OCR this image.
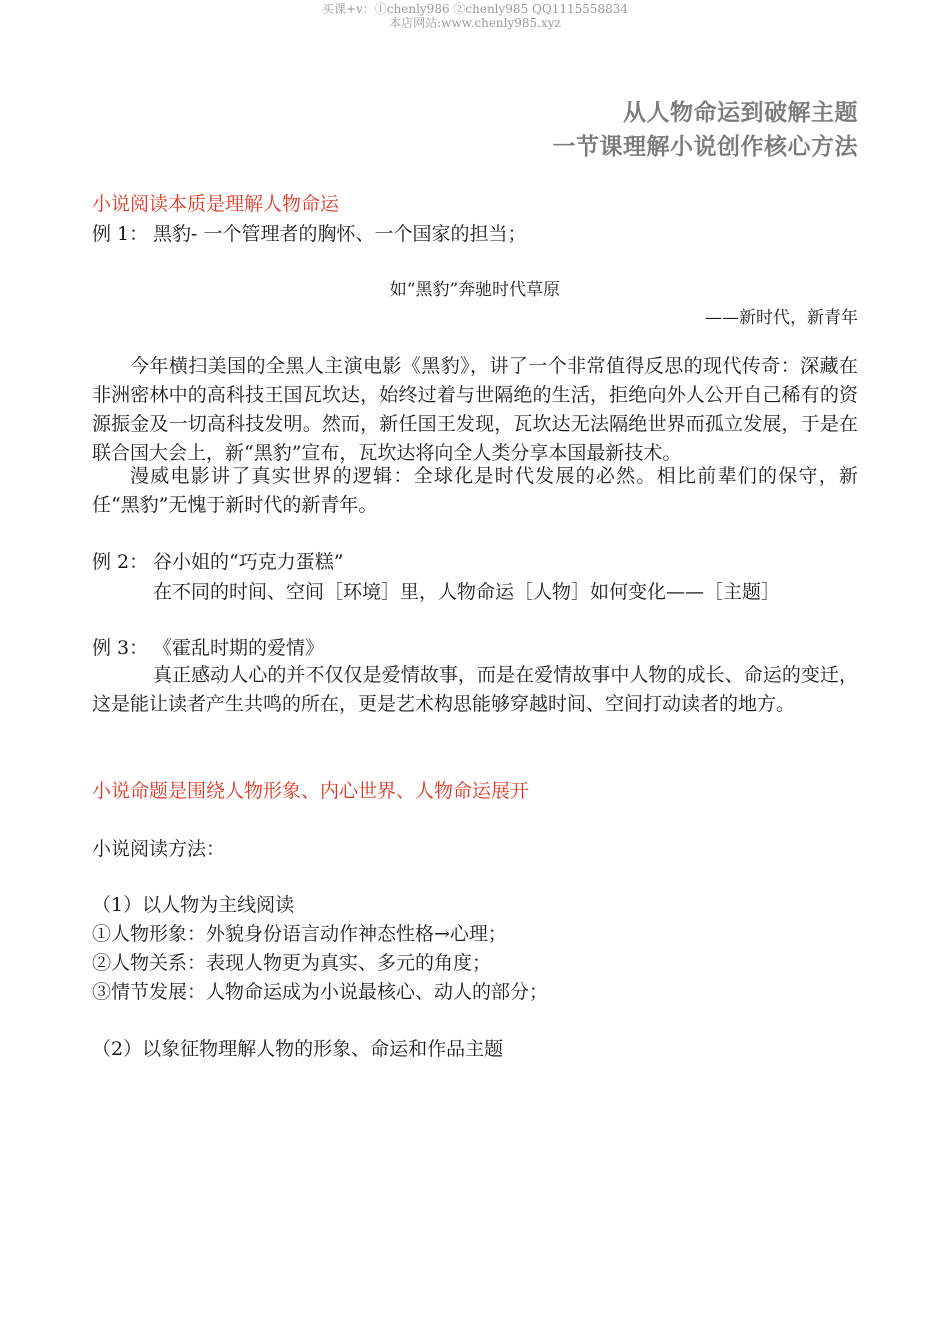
买课+v：①chenly986 ②chenly985 QQ1115558834
本店网站:www.chenly985.xyz
从人物命运到破解主题
一节课理解小说创作核心方法
小说阅读本质是理解人物命运
例 1： 黑豹- 一个管理者的胸怀、一个国家的担当；
如“黑豹”奔驰时代草原
——新时代，新青年
今年横扫美国的全黑人主演电影《黑豹》，讲了一个非常值得反思的现代传奇：深藏在非洲密林中的高科技王国瓦坎达，始终过着与世隔绝的生活，拒绝向外人公开自己稀有的资源振金及一切高科技发明。然而，新任国王发现，瓦坎达无法隔绝世界而孤立发展，于是在联合国大会上，新“黑豹”宣布，瓦坎达将向全人类分享本国最新技术。
漫威电影讲了真实世界的逻辑：全球化是时代发展的必然。相比前辈们的保守，新任“黑豹”无愧于新时代的新青年。
例 2： 谷小姐的“巧克力蛋糕”
在不同的时间、空间［环境］里，人物命运［人物］如何变化——［主题］
例 3： 《霍乱时期的爱情》
真正感动人心的并不仅仅是爱情故事，而是在爱情故事中人物的成长、命运的变迁，这是能让读者产生共鸣的所在，更是艺术构思能够穿越时间、空间打动读者的地方。
小说命题是围绕人物形象、内心世界、人物命运展开
小说阅读方法：
（1）以人物为主线阅读
①人物形象：外貌身份语言动作神态性格→心理；
②人物关系：表现人物更为真实、多元的角度；
③情节发展：人物命运成为小说最核心、动人的部分；
（2）以象征物理解人物的形象、命运和作品主题
